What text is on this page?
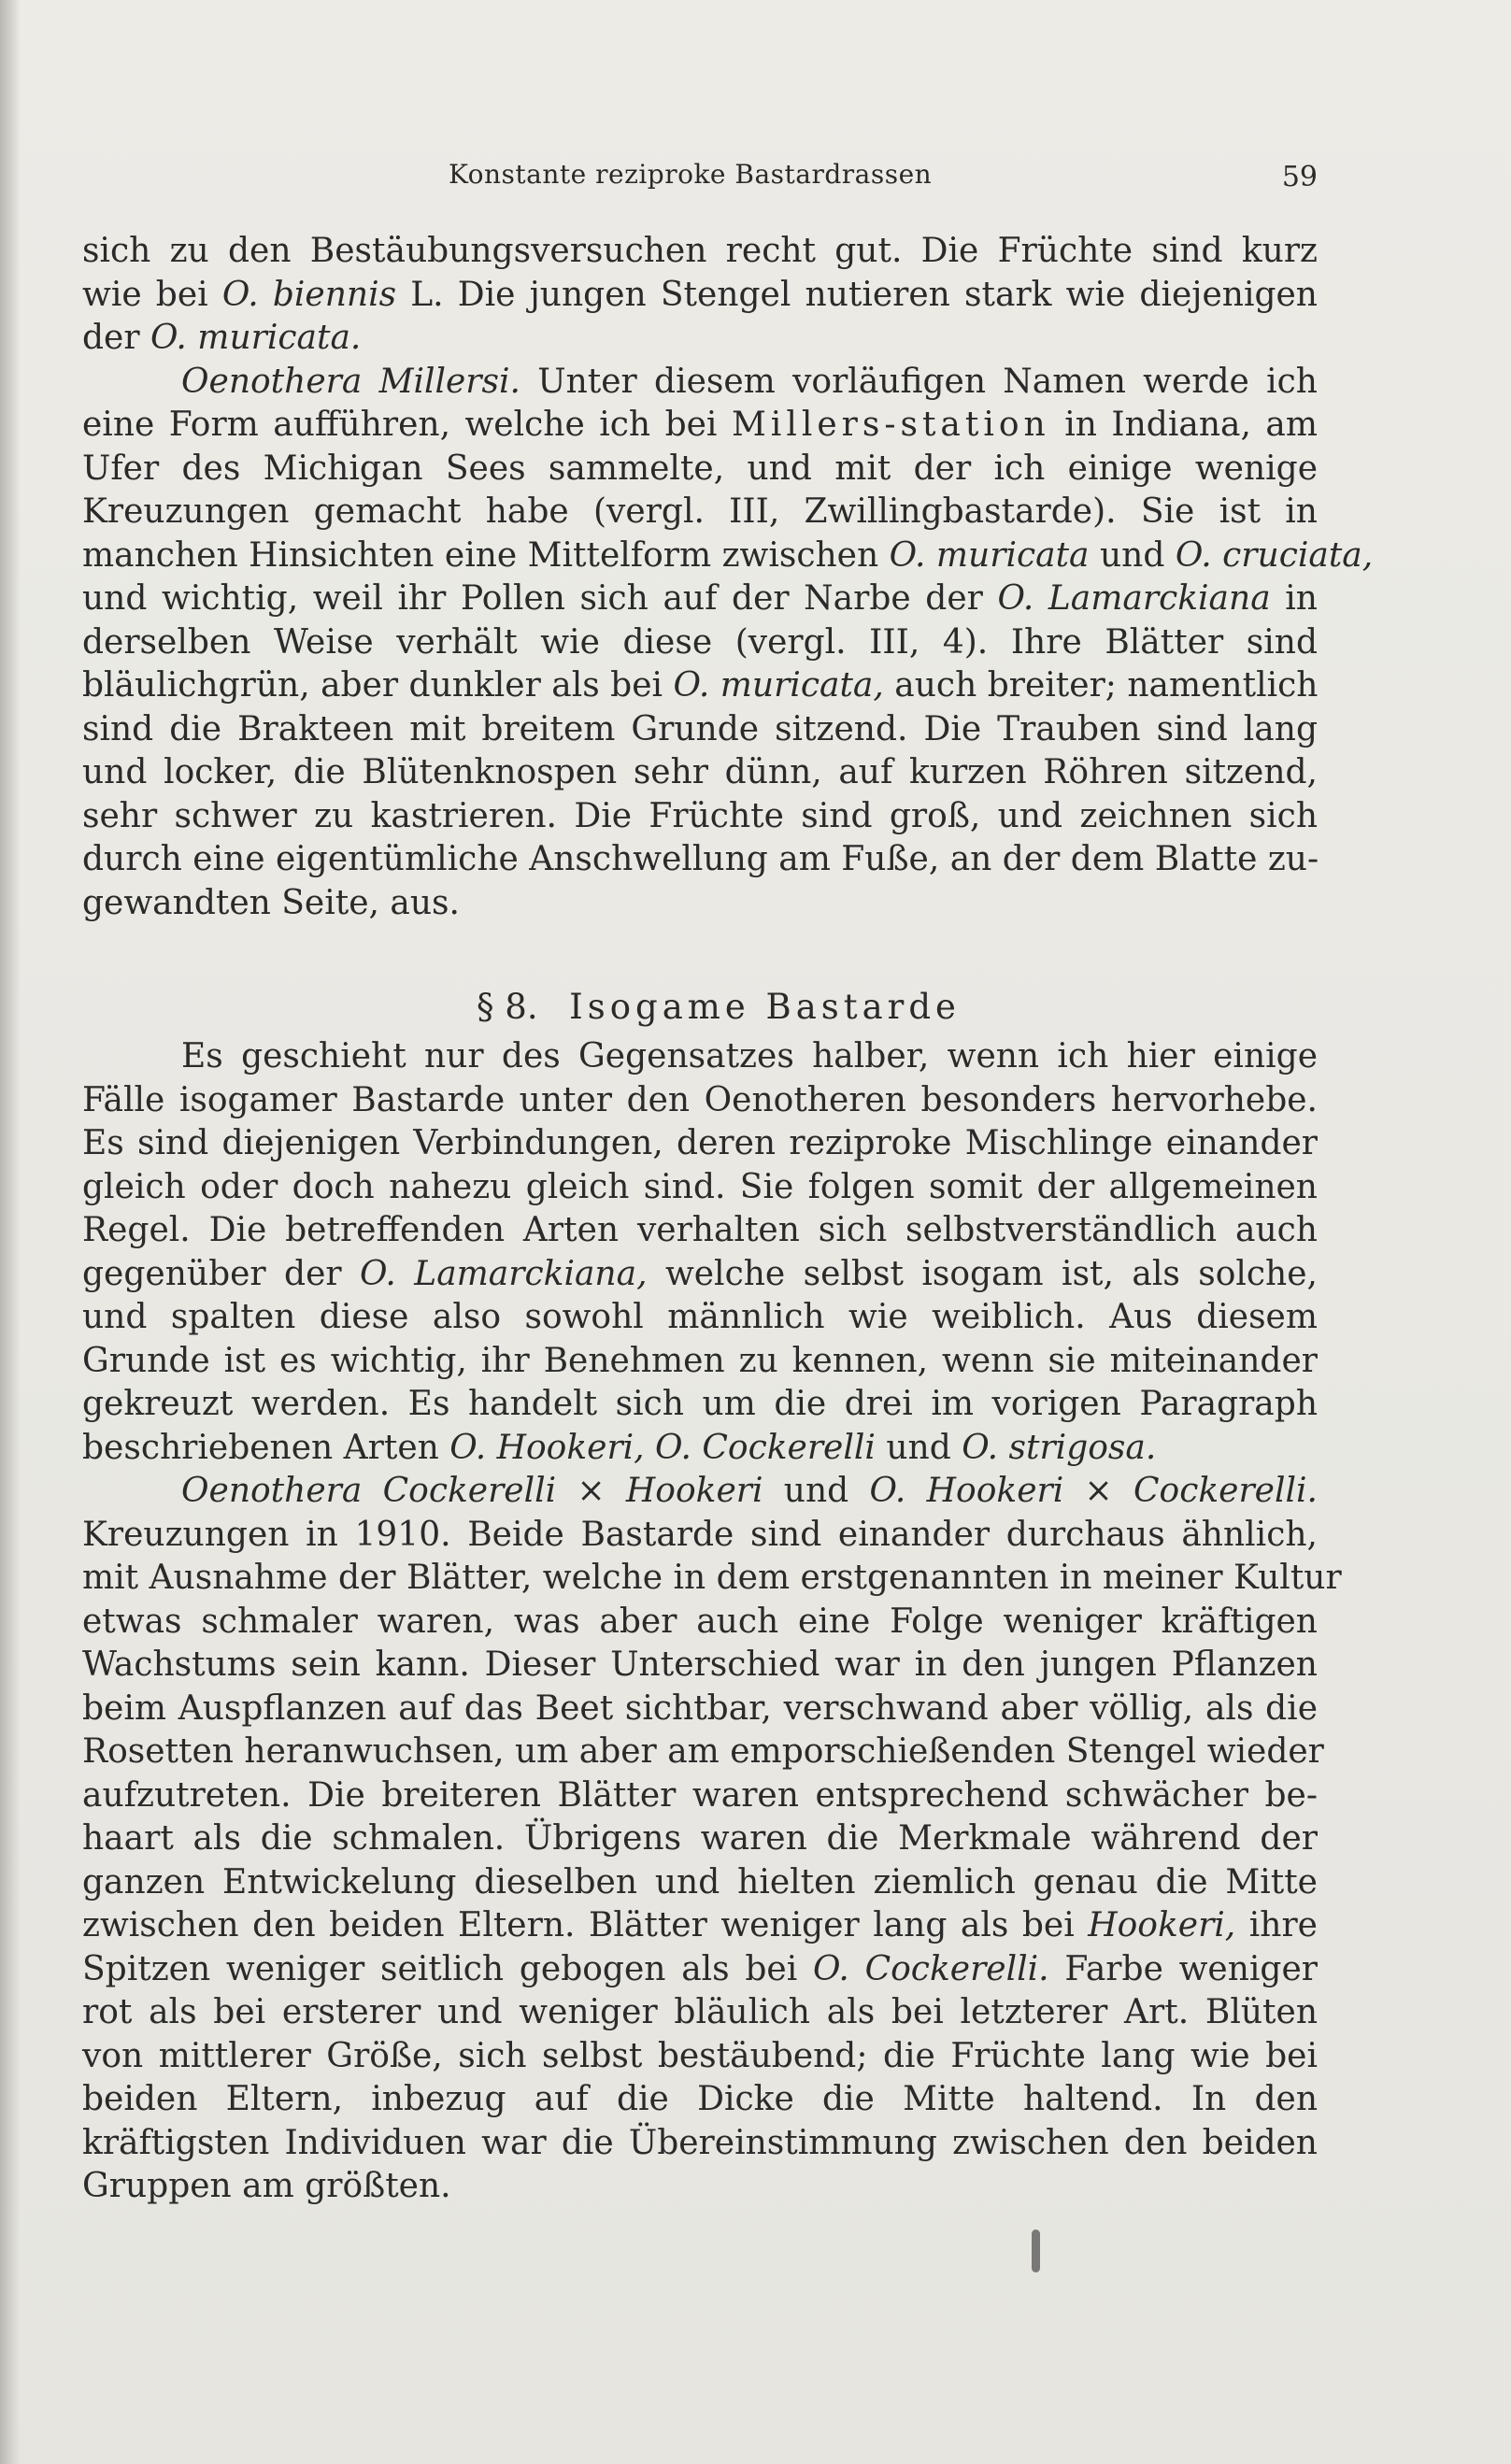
Konstante reziproke Bastardrassen	59
sich zu den Bestäubungsversuchen recht gut. Die Früchte sind kurz
wie bei O. biennis L. Die jungen Stengel nutieren stark wie diejenigen
der O. muricata.
Oenothera Millersi. Unter diesem vorläufigen Namen werde ich
eine Form aufführen, welche ich bei Millers-station in Indiana, am
Ufer des Michigan Sees sammelte, und mit der ich einige wenige
Kreuzungen gemacht habe (vergl. III, Zwillingbastarde). Sie ist in
manchen Hinsichten eine Mittelform zwischen O. muricata und O. cruciata,
und wichtig, weil ihr Pollen sich auf der Narbe der O. Lamarckiana in
derselben Weise verhält wie diese (vergl. III, 4). Ihre Blätter sind
bläulichgrün, aber dunkler als bei O. muricata, auch breiter; namentlich
sind die Brakteen mit breitem Grunde sitzend. Die Trauben sind lang
und locker, die Blütenknospen sehr dünn, auf kurzen Röhren sitzend,
sehr schwer zu kastrieren. Die Früchte sind groß, und zeichnen sich
durch eine eigentümliche Anschwellung am Fuße, an der dem Blatte zu-
gewandten Seite, aus.
§ 8. Isogame Bastarde
Es geschieht nur des Gegensatzes halber, wenn ich hier einige
Fälle isogamer Bastarde unter den Oenotheren besonders hervorhebe.
Es sind diejenigen Verbindungen, deren reziproke Mischlinge einander
gleich oder doch nahezu gleich sind. Sie folgen somit der allgemeinen
Regel. Die betreffenden Arten verhalten sich selbstverständlich auch
gegenüber der O. Lamarckiana, welche selbst isogam ist, als solche,
und spalten diese also sowohl männlich wie weiblich. Aus diesem
Grunde ist es wichtig, ihr Benehmen zu kennen, wenn sie miteinander
gekreuzt werden. Es handelt sich um die drei im vorigen Paragraph
beschriebenen Arten O. Hookeri, O. Cockerelli und O. strigosa.
Oenothera Cockerelli × Hookeri und O. Hookeri × Cockerelli.
Kreuzungen in 1910. Beide Bastarde sind einander durchaus ähnlich,
mit Ausnahme der Blätter, welche in dem erstgenannten in meiner Kultur
etwas schmaler waren, was aber auch eine Folge weniger kräftigen
Wachstums sein kann. Dieser Unterschied war in den jungen Pflanzen
beim Auspflanzen auf das Beet sichtbar, verschwand aber völlig, als die
Rosetten heranwuchsen, um aber am emporschießenden Stengel wieder
aufzutreten. Die breiteren Blätter waren entsprechend schwächer be-
haart als die schmalen. Übrigens waren die Merkmale während der
ganzen Entwickelung dieselben und hielten ziemlich genau die Mitte
zwischen den beiden Eltern. Blätter weniger lang als bei Hookeri, ihre
Spitzen weniger seitlich gebogen als bei O. Cockerelli. Farbe weniger
rot als bei ersterer und weniger bläulich als bei letzterer Art. Blüten
von mittlerer Größe, sich selbst bestäubend; die Früchte lang wie bei
beiden Eltern, inbezug auf die Dicke die Mitte haltend. In den
kräftigsten Individuen war die Übereinstimmung zwischen den beiden
Gruppen am größten.
